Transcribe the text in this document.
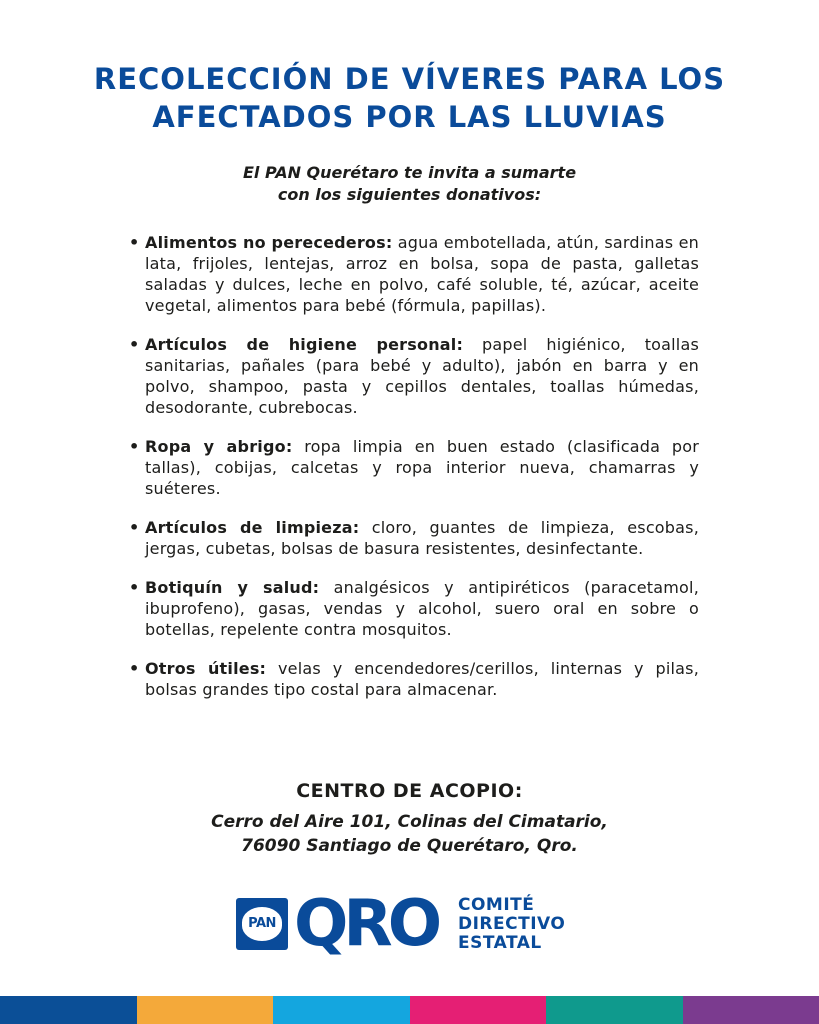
RECOLECCIÓN DE VÍVERES PARA LOS
AFECTADOS POR LAS LLUVIAS
El PAN Querétaro te invita a sumarte
con los siguientes donativos:
• Alimentos no perecederos: agua embotellada, atún, sardinas en lata, frijoles, lentejas, arroz en bolsa, sopa de pasta, galletas saladas y dulces, leche en polvo, café soluble, té, azúcar, aceite vegetal, alimentos para bebé (fórmula, papillas).
• Artículos de higiene personal: papel higiénico, toallas sanitarias, pañales (para bebé y adulto), jabón en barra y en polvo, shampoo, pasta y cepillos dentales, toallas húmedas, desodorante, cubrebocas.
• Ropa y abrigo: ropa limpia en buen estado (clasificada por tallas), cobijas, calcetas y ropa interior nueva, chamarras y suéteres.
• Artículos de limpieza: cloro, guantes de limpieza, escobas, jergas, cubetas, bolsas de basura resistentes, desinfectante.
• Botiquín y salud: analgésicos y antipiréticos (paracetamol, ibuprofeno), gasas, vendas y alcohol, suero oral en sobre o botellas, repelente contra mosquitos.
• Otros útiles: velas y encendedores/cerillos, linternas y pilas, bolsas grandes tipo costal para almacenar.
CENTRO DE ACOPIO:
Cerro del Aire 101, Colinas del Cimatario,
76090 Santiago de Querétaro, Qro.
PAN QRO COMITÉ
DIRECTIVO
ESTATAL
